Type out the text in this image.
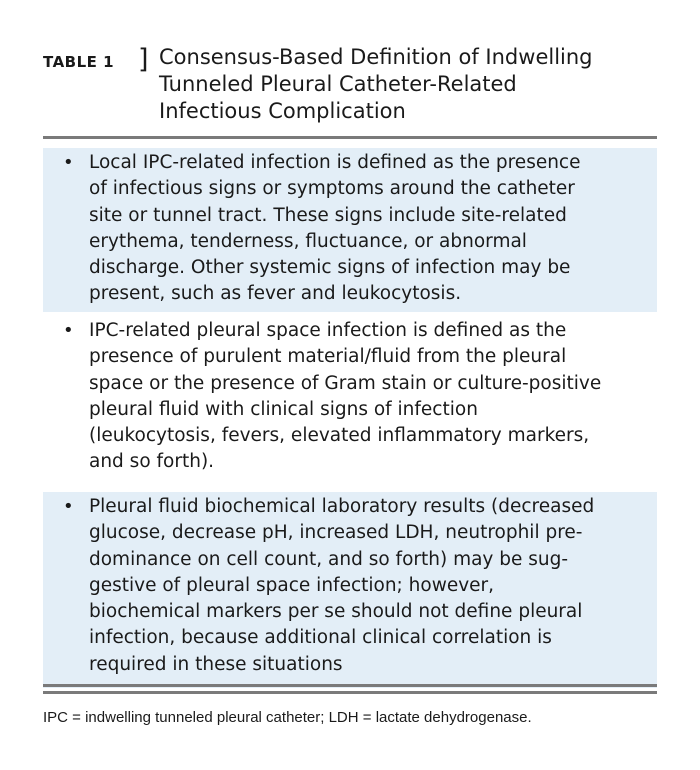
TABLE 1 ] Consensus-Based Definition of Indwelling
Tunneled Pleural Catheter-Related
Infectious Complication
• Local IPC-related infection is defined as the presence
of infectious signs or symptoms around the catheter
site or tunnel tract. These signs include site-related
erythema, tenderness, fluctuance, or abnormal
discharge. Other systemic signs of infection may be
present, such as fever and leukocytosis.
• IPC-related pleural space infection is defined as the
presence of purulent material/fluid from the pleural
space or the presence of Gram stain or culture-positive
pleural fluid with clinical signs of infection
(leukocytosis, fevers, elevated inflammatory markers,
and so forth).
• Pleural fluid biochemical laboratory results (decreased
glucose, decrease pH, increased LDH, neutrophil pre-
dominance on cell count, and so forth) may be sug-
gestive of pleural space infection; however,
biochemical markers per se should not define pleural
infection, because additional clinical correlation is
required in these situations
IPC = indwelling tunneled pleural catheter; LDH = lactate dehydrogenase.
